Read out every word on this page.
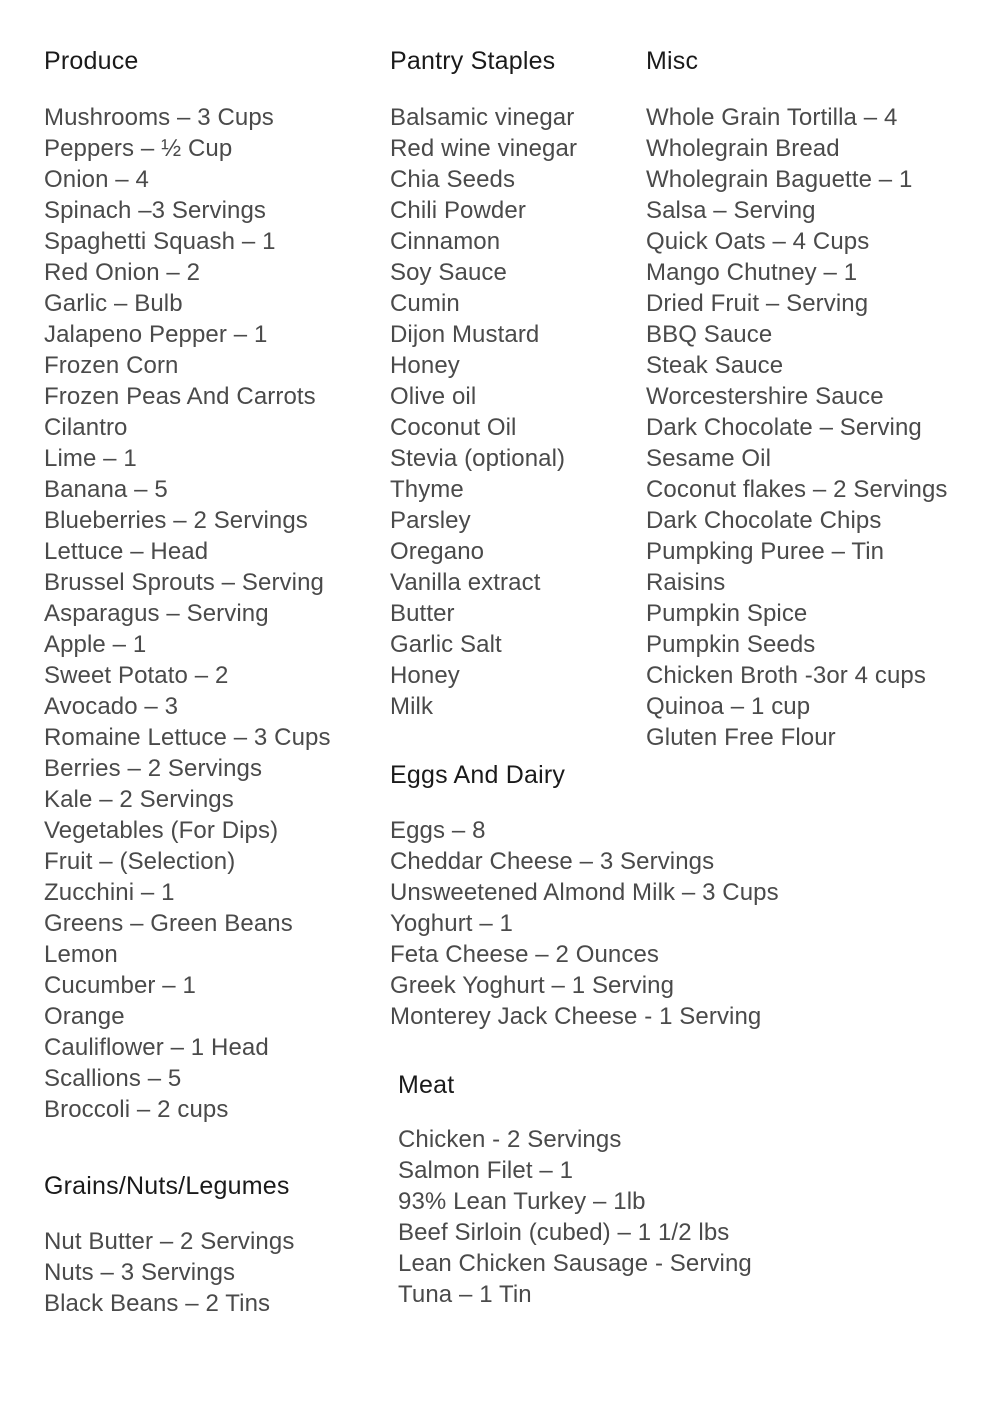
Produce
Mushrooms – 3 Cups
Peppers – ½ Cup
Onion – 4
Spinach –3 Servings
Spaghetti Squash – 1
Red Onion – 2
Garlic – Bulb
Jalapeno Pepper – 1
Frozen Corn
Frozen Peas And Carrots
Cilantro
Lime – 1
Banana – 5
Blueberries – 2 Servings
Lettuce – Head
Brussel Sprouts – Serving
Asparagus – Serving
Apple – 1
Sweet Potato – 2
Avocado – 3
Romaine Lettuce – 3 Cups
Berries – 2 Servings
Kale – 2 Servings
Vegetables (For Dips)
Fruit – (Selection)
Zucchini – 1
Greens – Green Beans
Lemon
Cucumber – 1
Orange
Cauliflower – 1 Head
Scallions – 5
Broccoli – 2 cups
Grains/Nuts/Legumes
Nut Butter – 2 Servings
Nuts – 3 Servings
Black Beans – 2 Tins
Pantry Staples
Balsamic vinegar
Red wine vinegar
Chia Seeds
Chili Powder
Cinnamon
Soy Sauce
Cumin
Dijon Mustard
Honey
Olive oil
Coconut Oil
Stevia (optional)
Thyme
Parsley
Oregano
Vanilla extract
Butter
Garlic Salt
Honey
Milk
Eggs And Dairy
Eggs – 8
Cheddar Cheese – 3 Servings
Unsweetened Almond Milk – 3 Cups
Yoghurt – 1
Feta Cheese – 2 Ounces
Greek Yoghurt – 1 Serving
Monterey Jack Cheese - 1 Serving
Meat
Chicken - 2 Servings
Salmon Filet – 1
93% Lean Turkey – 1lb
Beef Sirloin (cubed) – 1 1/2 lbs
Lean Chicken Sausage - Serving
Tuna – 1 Tin
Misc
Whole Grain Tortilla – 4
Wholegrain Bread
Wholegrain Baguette – 1
Salsa – Serving
Quick Oats – 4 Cups
Mango Chutney – 1
Dried Fruit – Serving
BBQ Sauce
Steak Sauce
Worcestershire Sauce
Dark Chocolate – Serving
Sesame Oil
Coconut flakes – 2 Servings
Dark Chocolate Chips
Pumpking Puree – Tin
Raisins
Pumpkin Spice
Pumpkin Seeds
Chicken Broth -3or 4 cups
Quinoa – 1 cup
Gluten Free Flour
